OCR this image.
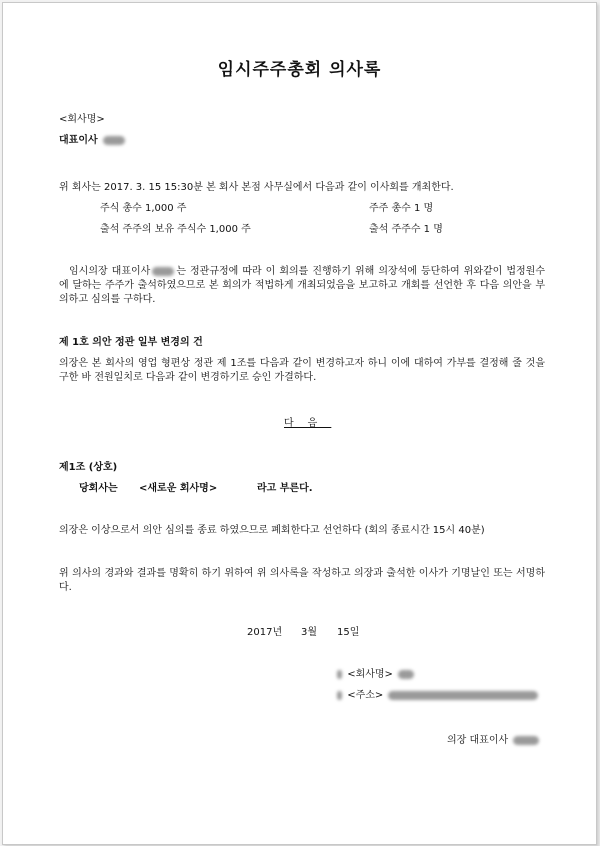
임시주주총회 의사록
<회사명>
대표이사
위 회사는 2017. 3. 15 15:30분 본 회사 본점 사무실에서 다음과 같이 이사회를 개최한다.
주식 총수 1,000 주	주주 총수 1 명
출석 주주의 보유 주식수 1,000 주	출석 주주수 1 명
임시의장 대표이사	는 정관규정에 따라 이 회의를 진행하기 위해 의장석에 등단하여 위와같이 법정원수에 달하는 주주가 출석하였으므로 본 회의가 적법하게 개최되었음을 보고하고 개회를 선언한 후 다음 의안을 부의하고 심의를 구하다.
제 1호 의안 정관 일부 변경의 건
의장은 본 회사의 영업 형편상 정관 제 1조를 다음과 같이 변경하고자 하니 이에 대하여 가부를 결정해 줄 것을 구한 바 전원일치로 다음과 같이 변경하기로 승인 가결하다.
다음
제1조 (상호)
당회사는 <새로운 회사명>	라고 부른다.
의장은 이상으로서 의안 심의를 종료 하였으므로 폐회한다고 선언하다 (회의 종료시간 15시 40분)
위 의사의 경과와 결과를 명확히 하기 위하여 위 의사록을 작성하고 의장과 출석한 이사가 기명날인 또는 서명하다.
2017년 3월 15일
<회사명>
<주소>
의장 대표이사
